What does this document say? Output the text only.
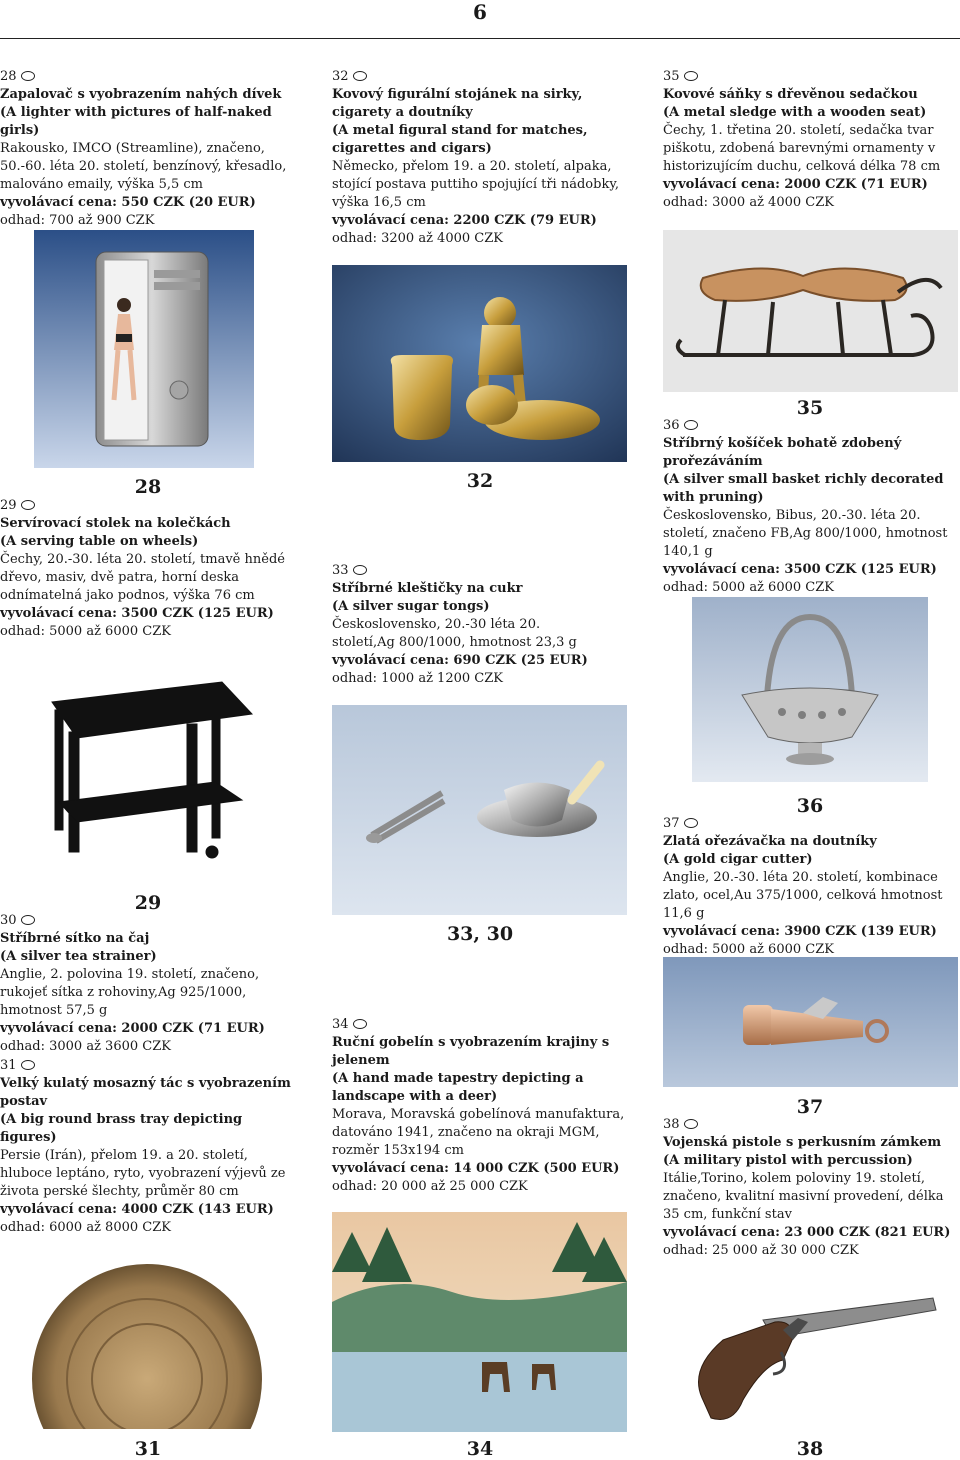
6
28
Zapalovač s vyobrazením nahých dívek
(A lighter with pictures of half-naked girls)
Rakousko, IMCO (Streamline), značeno, 50.-60. léta 20. století, benzínový, křesadlo, malováno emaily, výška 5,5 cm
vyvolávací cena: 550 CZK (20 EUR)
odhad: 700 až 900 CZK
32
Kovový figurální stojánek na sirky, cigarety a doutníky
(A metal figural stand for matches, cigarettes and cigars)
Německo, přelom 19. a 20. století, alpaka, stojící postava puttiho spojující tři nádobky, výška 16,5 cm
vyvolávací cena: 2200 CZK (79 EUR)
odhad: 3200 až 4000 CZK
35
Kovové sáňky s dřevěnou sedačkou
(A metal sledge with a wooden seat)
Čechy, 1. třetina 20. století, sedačka tvar piškotu, zdobená barevnými ornamenty v historizujícím duchu, celková délka 78 cm
vyvolávací cena: 2000 CZK (71 EUR)
odhad: 3000 až 4000 CZK
29
Servírovací stolek na kolečkách
(A serving table on wheels)
Čechy, 20.-30. léta 20. století, tmavě hnědé dřevo, masiv, dvě patra, horní deska odnímatelná jako podnos, výška 76 cm
vyvolávací cena: 3500 CZK (125 EUR)
odhad: 5000 až 6000 CZK
33
Stříbrné kleštičky na cukr
(A silver sugar tongs)
Československo, 20.-30 léta 20. století,Ag 800/1000, hmotnost 23,3 g
vyvolávací cena: 690 CZK (25 EUR)
odhad: 1000 až 1200 CZK
36
Stříbrný košíček bohatě zdobený prořezáváním
(A silver small basket richly decorated with pruning)
Československo, Bibus, 20.-30. léta 20. století, značeno FB,Ag 800/1000, hmotnost 140,1 g
vyvolávací cena: 3500 CZK (125 EUR)
odhad: 5000 až 6000 CZK
30
Stříbrné sítko na čaj
(A silver tea strainer)
Anglie, 2. polovina 19. století, značeno, rukojeť sítka z rohoviny,Ag 925/1000, hmotnost 57,5 g
vyvolávací cena: 2000 CZK (71 EUR)
odhad: 3000 až 3600 CZK
31
Velký kulatý mosazný tác s vyobrazením postav
(A big round brass tray depicting figures)
Persie (Irán), přelom 19. a 20. století, hluboce leptáno, ryto, vyobrazení výjevů ze života perské šlechty, průměr 80 cm
vyvolávací cena: 4000 CZK (143 EUR)
odhad: 6000 až 8000 CZK
34
Ruční gobelín s vyobrazením krajiny s jelenem
(A hand made tapestry depicting a landscape with a deer)
Morava, Moravská gobelínová manufaktura, datováno 1941, značeno na okraji MGM, rozměr 153x194 cm
vyvolávací cena: 14 000 CZK (500 EUR)
odhad: 20 000 až 25 000 CZK
37
Zlatá ořezávačka na doutníky
(A gold cigar cutter)
Anglie, 20.-30. léta 20. století, kombinace zlato, ocel,Au 375/1000, celková hmotnost 11,6 g
vyvolávací cena: 3900 CZK (139 EUR)
odhad: 5000 až 6000 CZK
38
Vojenská pistole s perkusním zámkem
(A military pistol with percussion)
Itálie,Torino, kolem poloviny 19. století, značeno, kvalitní masivní provedení, délka 35 cm, funkční stav
vyvolávací cena: 23 000 CZK (821 EUR)
odhad: 25 000 až 30 000 CZK
28	32
35
36
29
33, 30
37
31	34	38
